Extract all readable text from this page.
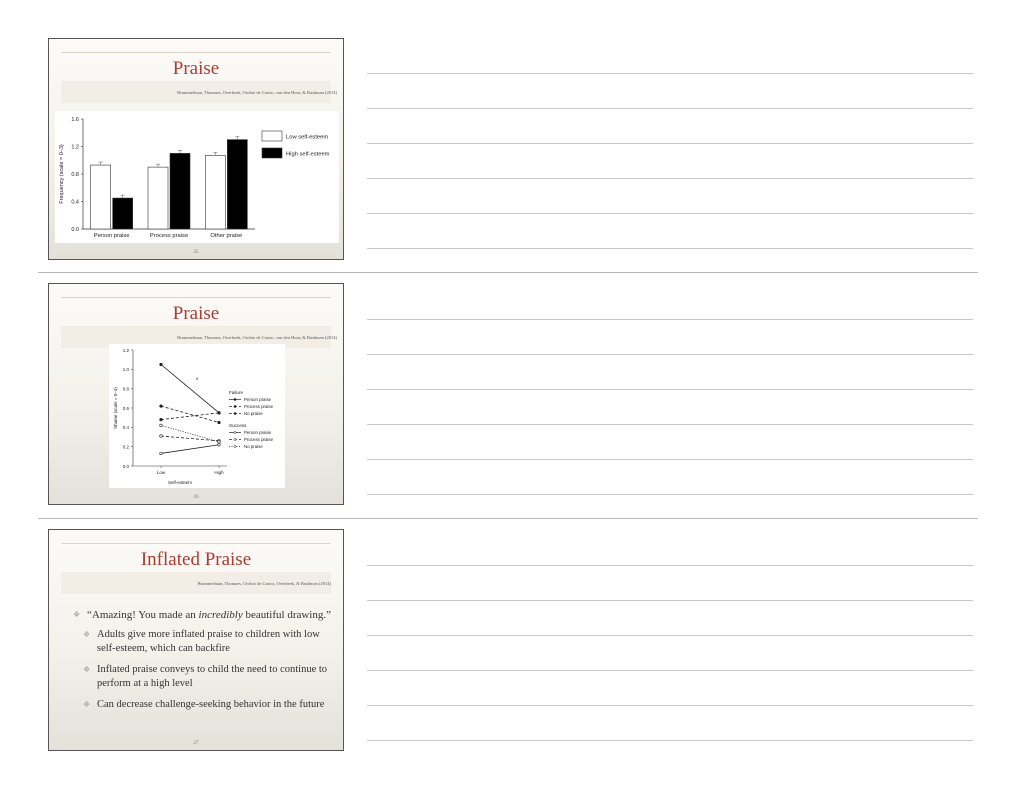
Praise
Brummelman, Thomaes, Overbeek, Orobio de Castro, van den Hout, & Bushman (2014)
0.0
0.4
0.8
1.2
1.6
Frequency (scale = 0–3)
Person praise	Process praise	Other praise
Low self-esteem
High self-esteem
25
Praise
Brummelman, Thomaes, Overbeek, Orobio de Castro, van den Hout, & Bushman (2014)
0.0
0.2
0.4
0.6
0.8
1.0
1.2
Shame (scale = 0–4)
Low	High
Self-esteem
*
Failure
Person praise
Process praise
No praise
Success
Person praise
Process praise
No praise
26
Inflated Praise
Brummelman, Thomaes, Orobio de Castro, Overbeek, & Bushman (2014)
❖ “Amazing! You made an incredibly beautiful drawing.”
❖ Adults give more inflated praise to children with low self-esteem, which can backfire
❖ Inflated praise conveys to child the need to continue to perform at a high level
❖ Can decrease challenge-seeking behavior in the future
27
